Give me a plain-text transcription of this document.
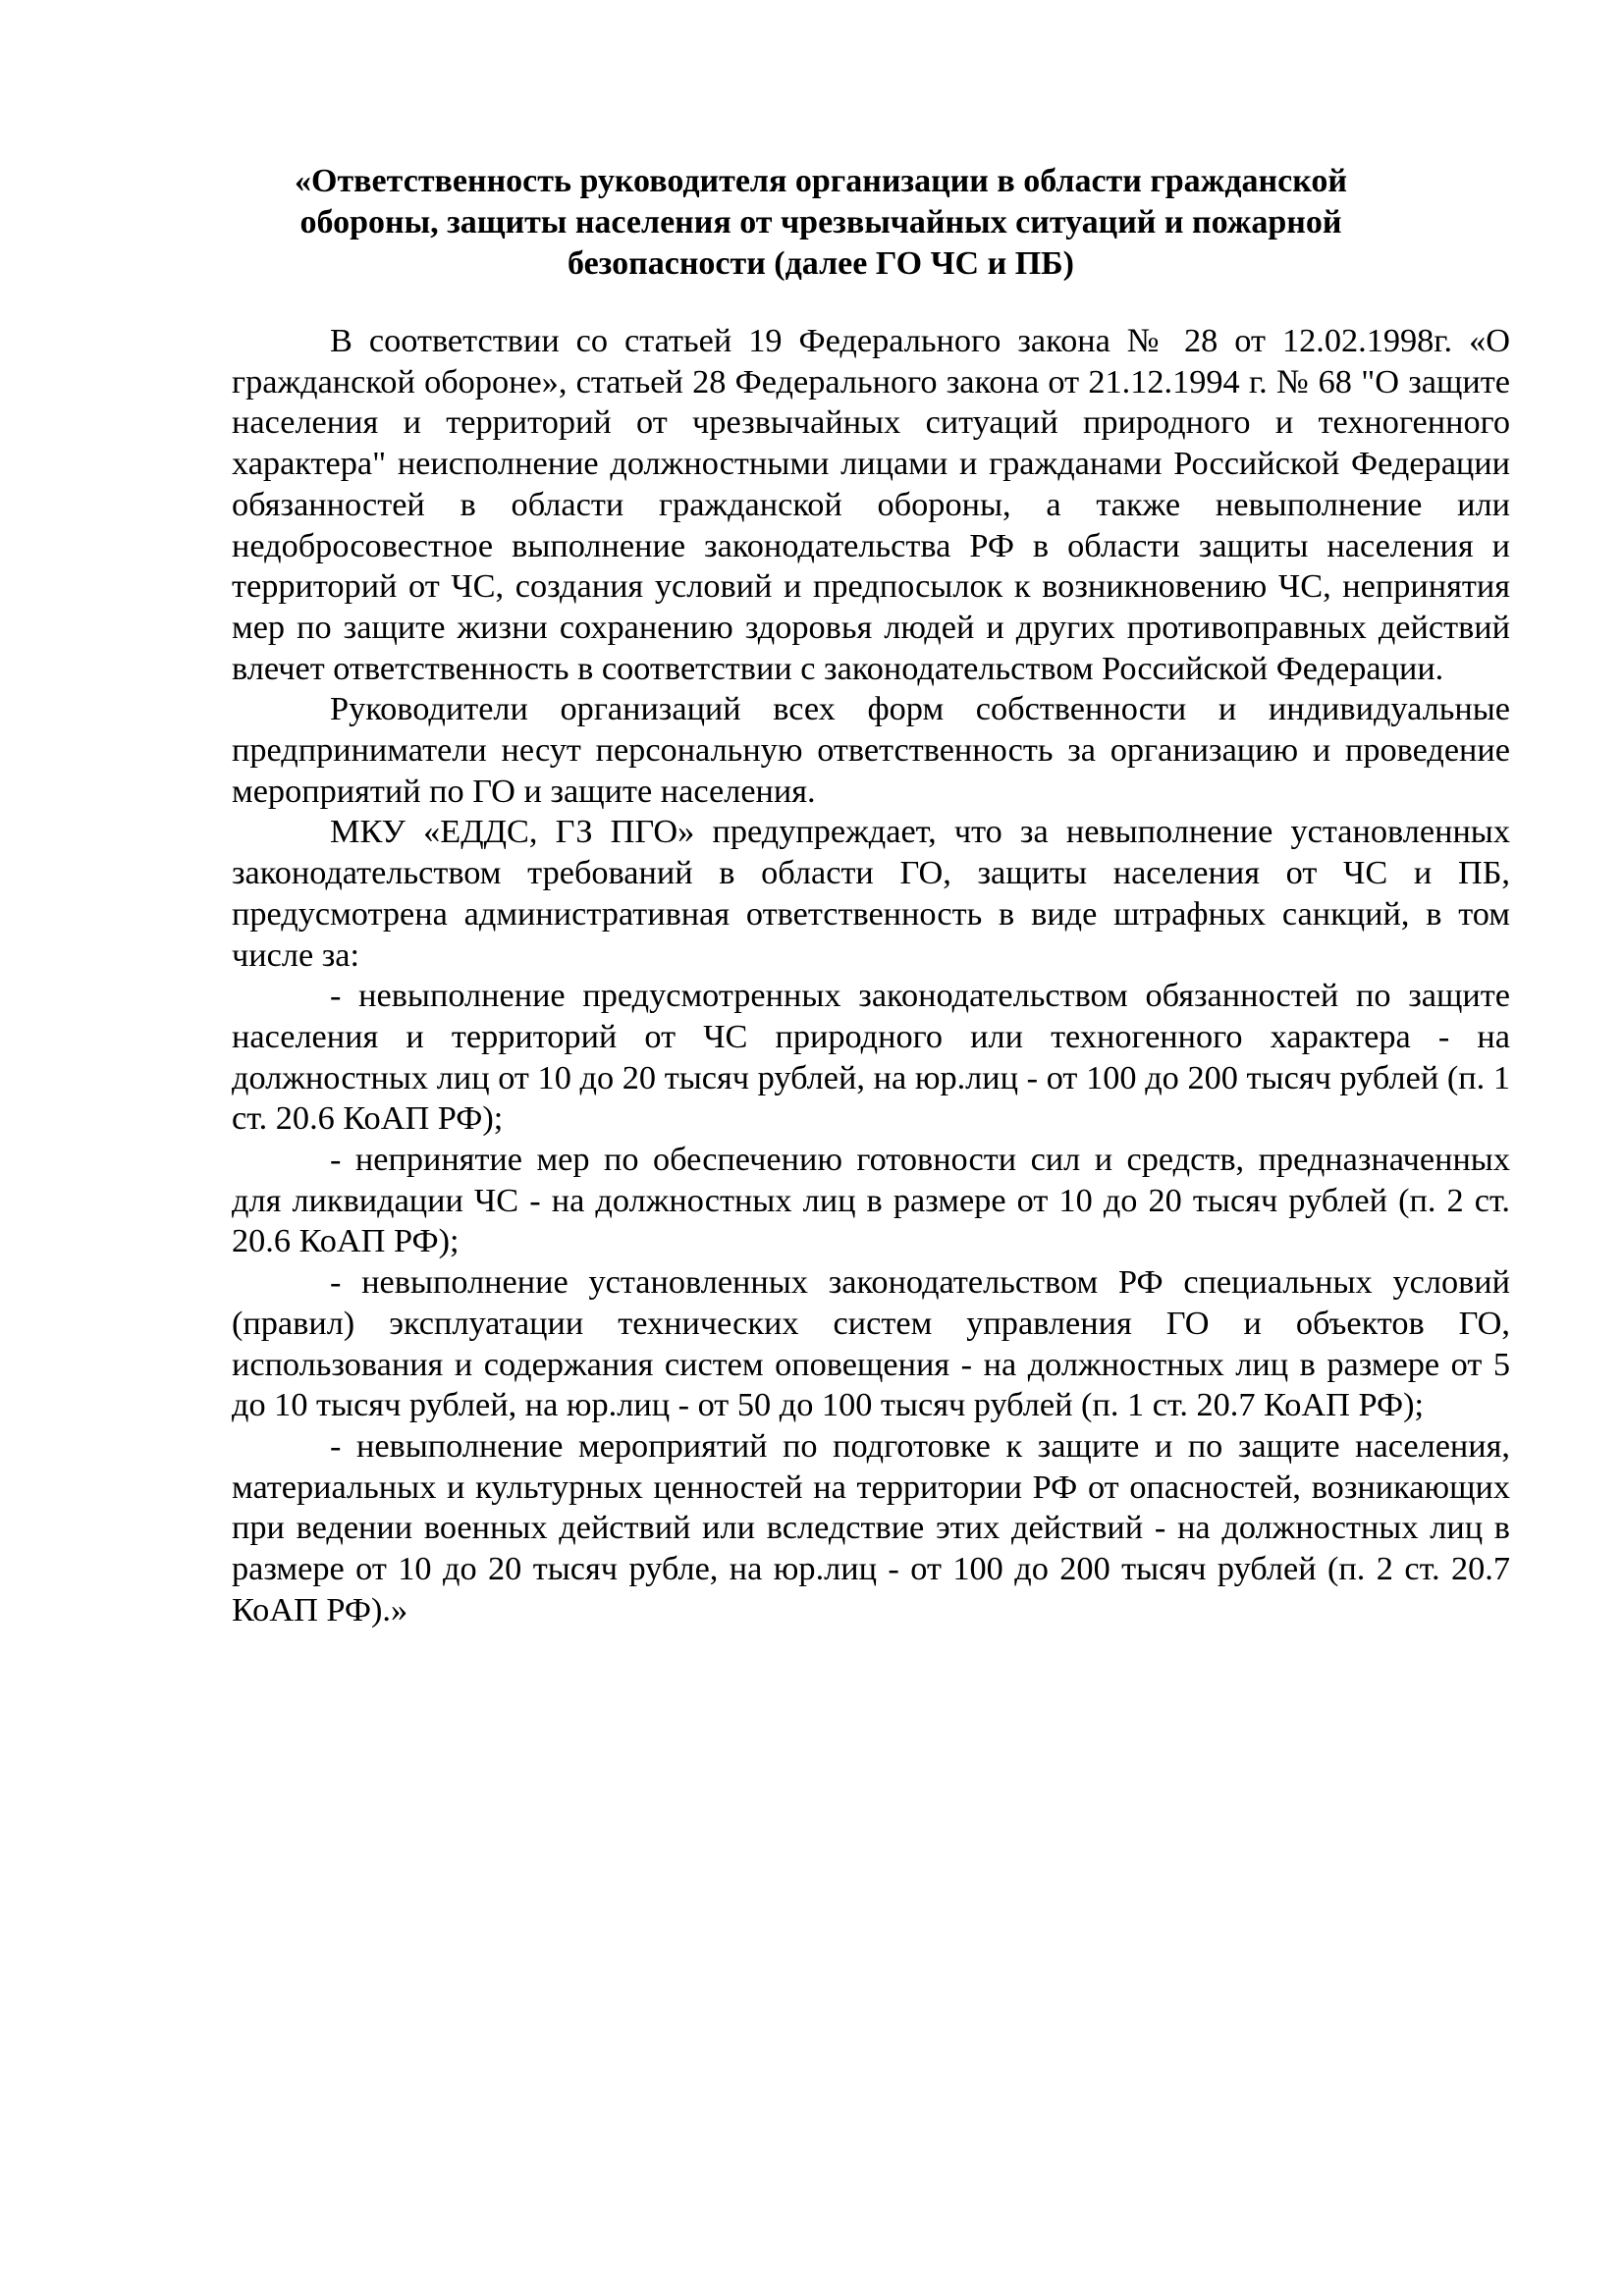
«Ответственность руководителя организации в области гражданской
обороны, защиты населения от чрезвычайных ситуаций и пожарной
безопасности (далее ГО ЧС и ПБ)

В соответствии со статьей 19 Федерального закона № 28 от 12.02.1998г. «О гражданской обороне», статьей 28 Федерального закона от 21.12.1994 г. № 68 "О защите населения и территорий от чрезвычайных ситуаций природного и техногенного характера" неисполнение должностными лицами и гражданами Российской Федерации обязанностей в области гражданской обороны, а также невыполнение или недобросовестное выполнение законодательства РФ в области защиты населения и территорий от ЧС, создания условий и предпосылок к возникновению ЧС, непринятия мер по защите жизни сохранению здоровья людей и других противоправных действий влечет ответственность в соответствии с законодательством Российской Федерации.

Руководители организаций всех форм собственности и индивидуальные предприниматели несут персональную ответственность за организацию и проведение мероприятий по ГО и защите населения.

МКУ «ЕДДС, ГЗ ПГО» предупреждает, что за невыполнение установленных законодательством требований в области ГО, защиты населения от ЧС и ПБ, предусмотрена административная ответственность в виде штрафных санкций, в том числе за:

- невыполнение предусмотренных законодательством обязанностей по защите населения и территорий от ЧС природного или техногенного характера - на должностных лиц от 10 до 20 тысяч рублей, на юр.лиц - от 100 до 200 тысяч рублей (п. 1 ст. 20.6 КоАП РФ);

- непринятие мер по обеспечению готовности сил и средств, предназначенных для ликвидации ЧС - на должностных лиц в размере от 10 до 20 тысяч рублей (п. 2 ст. 20.6 КоАП РФ);

- невыполнение установленных законодательством РФ специальных условий (правил) эксплуатации технических систем управления ГО и объектов ГО, использования и содержания систем оповещения - на должностных лиц в размере от 5 до 10 тысяч рублей, на юр.лиц - от 50 до 100 тысяч рублей (п. 1 ст. 20.7 КоАП РФ);

- невыполнение мероприятий по подготовке к защите и по защите населения, материальных и культурных ценностей на территории РФ от опасностей, возникающих при ведении военных действий или вследствие этих действий - на должностных лиц в размере от 10 до 20 тысяч рубле, на юр.лиц - от 100 до 200 тысяч рублей (п. 2 ст. 20.7 КоАП РФ).»
